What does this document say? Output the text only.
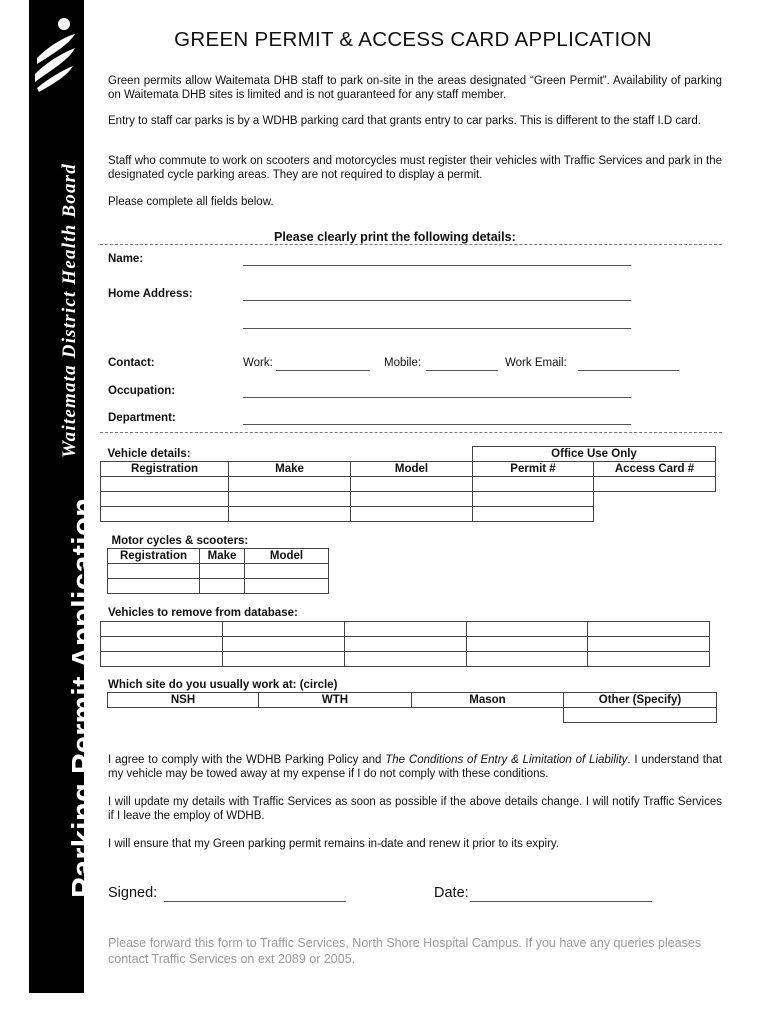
Waitemata District Health Board Te Wai Awhina
Parking Permit Application
GREEN PERMIT & ACCESS CARD APPLICATION
Green permits allow Waitemata DHB staff to park on-site in the areas designated “Green Permit”. Availability of parking on Waitemata DHB sites is limited and is not guaranteed for any staff member.
Entry to staff car parks is by a WDHB parking card that grants entry to car parks. This is different to the staff I.D card.
Staff who commute to work on scooters and motorcycles must register their vehicles with Traffic Services and park in the designated cycle parking areas. They are not required to display a permit.
Please complete all fields below.
Please clearly print the following details:
Name:
Home Address:
Contact:	Work:	Mobile:	Work Email:
Occupation:
Department:
Vehicle details:			Office Use Only	
Registration	Make	Model	Permit #	Access Card #

Motor cycles & scooters:		
Registration	Make	Model

Vehicles to remove from database:

Which site do you usually work at: (circle)
NSH	WTH	Mason	Other (Specify)

I agree to comply with the WDHB Parking Policy and The Conditions of Entry & Limitation of Liability. I understand that my vehicle may be towed away at my expense if I do not comply with these conditions.
I will update my details with Traffic Services as soon as possible if the above details change. I will notify Traffic Services if I leave the employ of WDHB.
I will ensure that my Green parking permit remains in-date and renew it prior to its expiry.
Signed:	Date:
Please forward this form to Traffic Services, North Shore Hospital Campus. If you have any queries pleases contact Traffic Services on ext 2089 or 2005.
